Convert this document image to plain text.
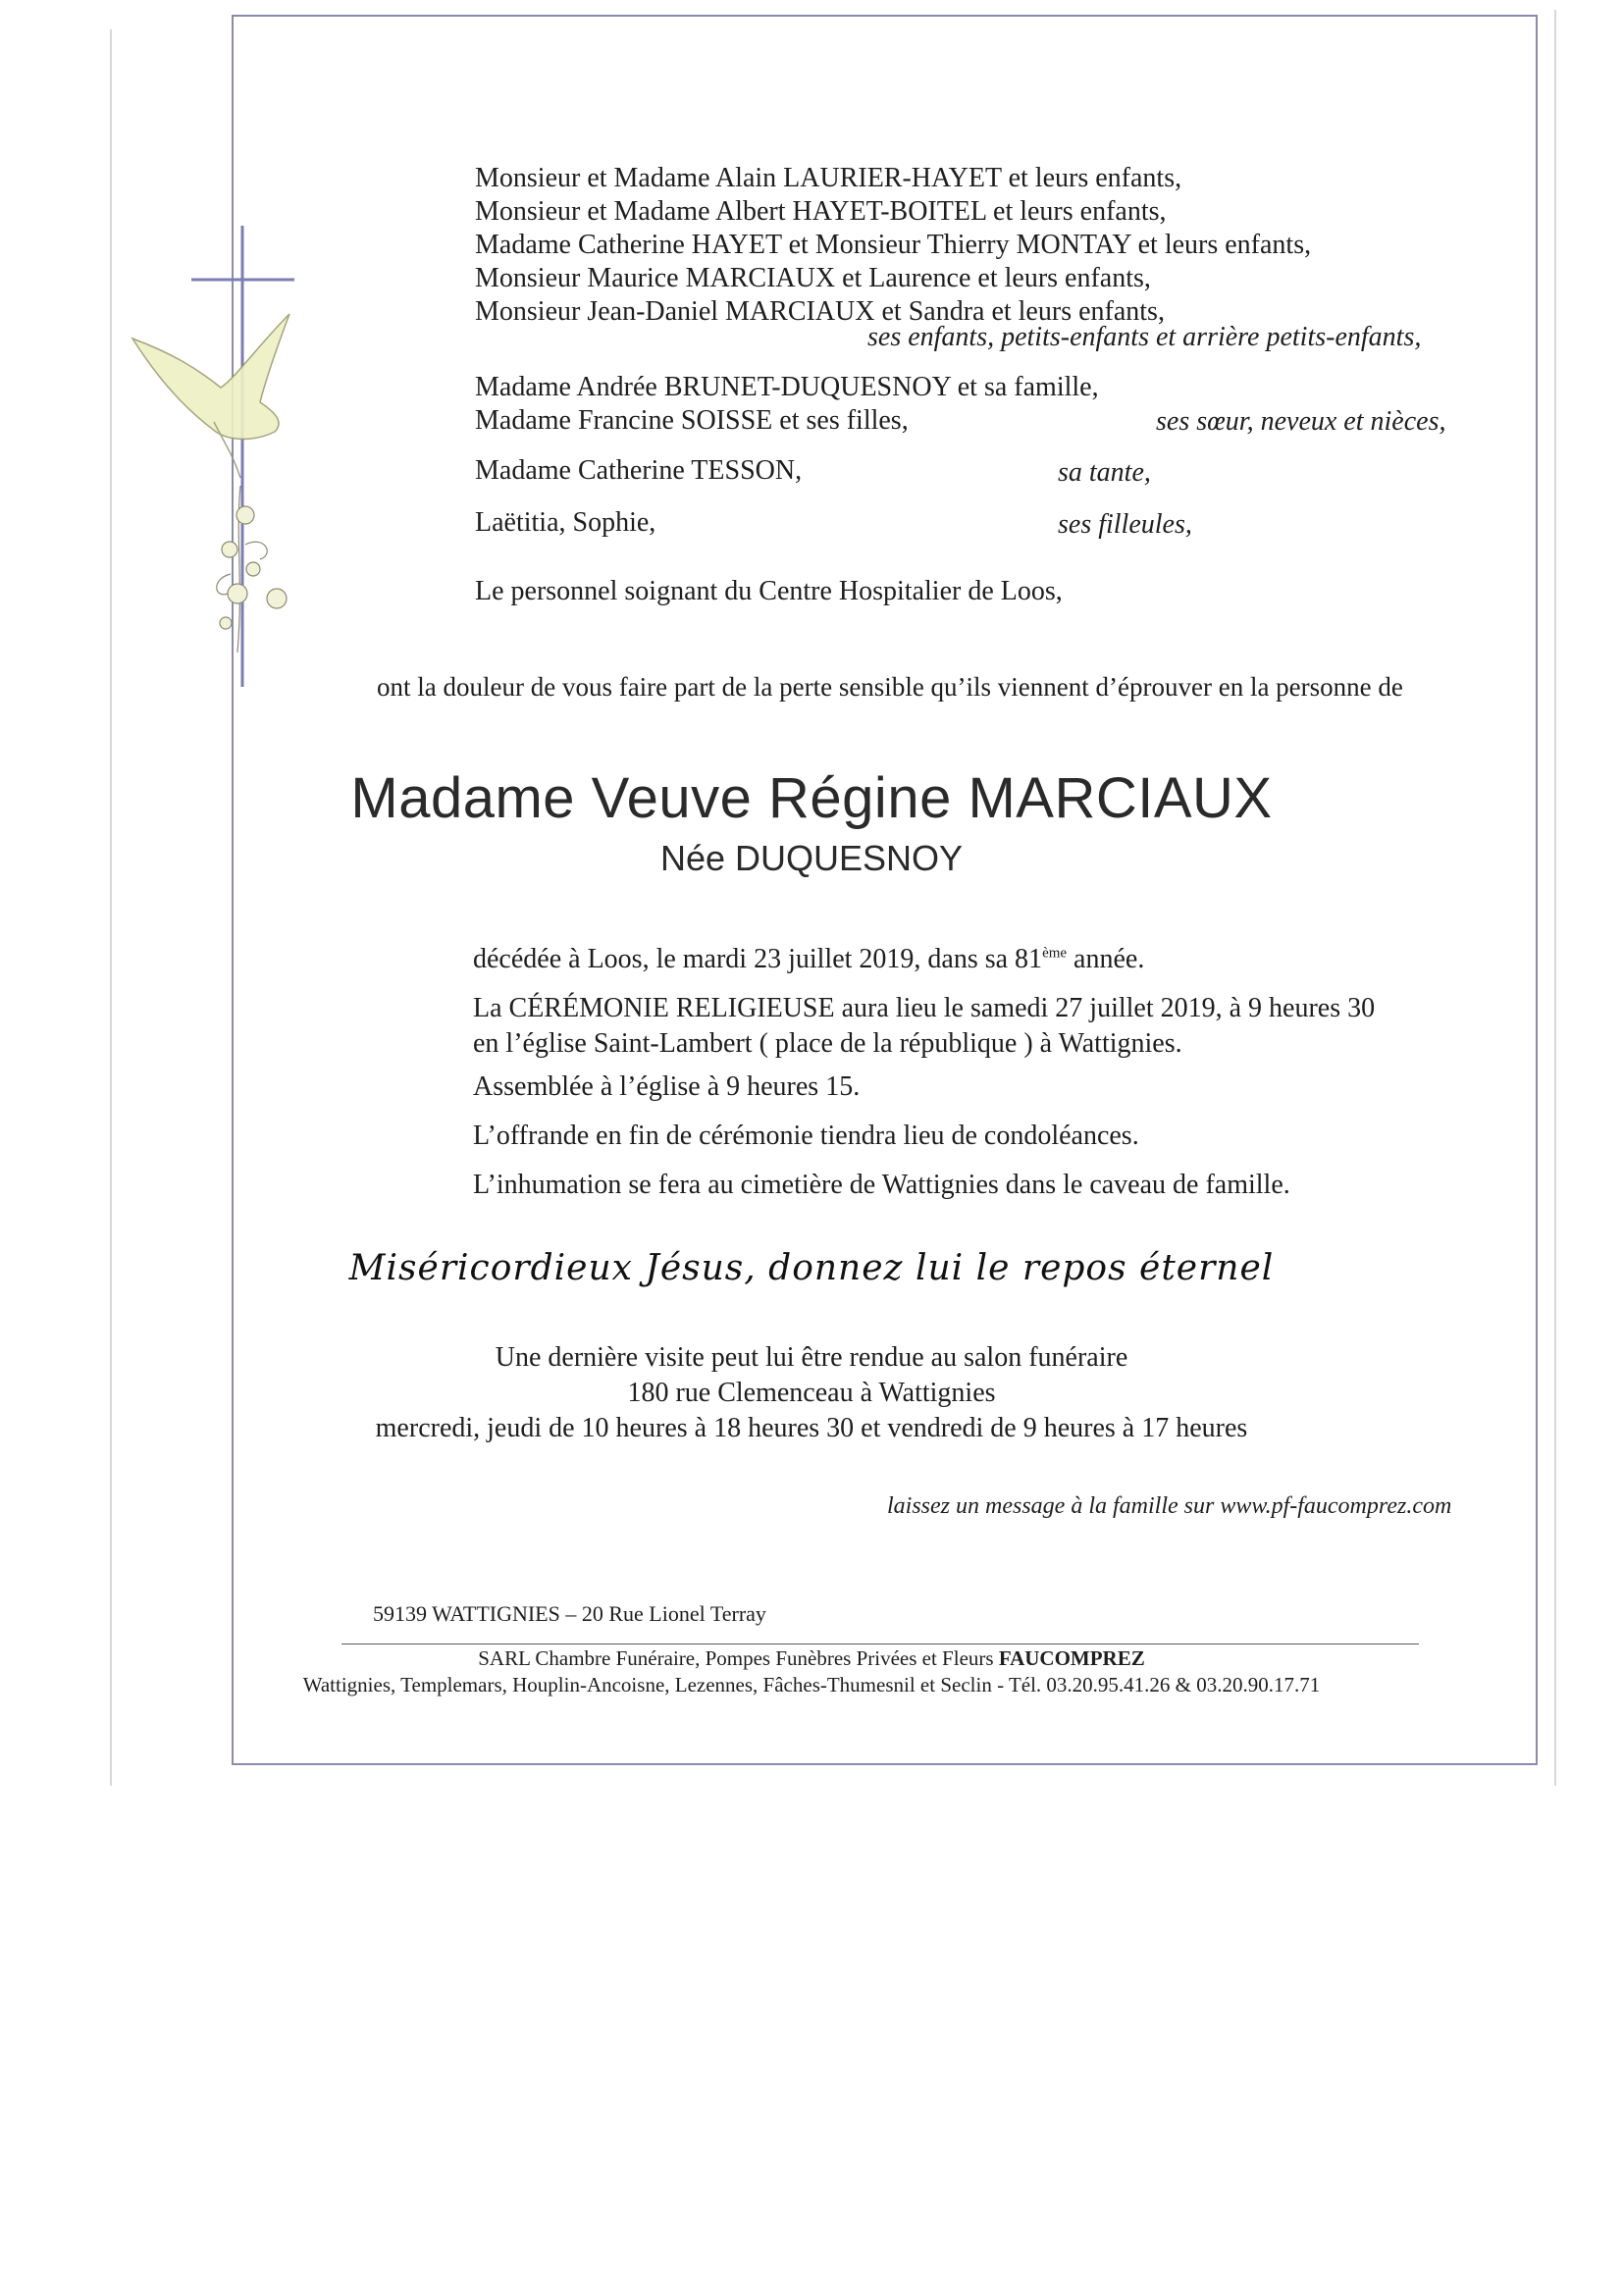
Monsieur et Madame Alain LAURIER-HAYET et leurs enfants,
Monsieur et Madame Albert HAYET-BOITEL et leurs enfants,
Madame Catherine HAYET et Monsieur Thierry MONTAY et leurs enfants,
Monsieur Maurice MARCIAUX et Laurence et leurs enfants,
Monsieur Jean-Daniel MARCIAUX et Sandra et leurs enfants,
ses enfants, petits-enfants et arrière petits-enfants,
Madame Andrée BRUNET-DUQUESNOY et sa famille,
Madame Francine SOISSE et ses filles,	ses sœur, neveux et nièces,
Madame Catherine TESSON,	sa tante,
Laëtitia, Sophie,	ses filleules,
Le personnel soignant du Centre Hospitalier de Loos,
ont la douleur de vous faire part de la perte sensible qu’ils viennent d’éprouver en la personne de
Madame Veuve Régine MARCIAUX
Née DUQUESNOY
décédée à Loos, le mardi 23 juillet 2019, dans sa 81ème année.
La CÉRÉMONIE RELIGIEUSE aura lieu le samedi 27 juillet 2019, à 9 heures 30
en l’église Saint-Lambert ( place de la république ) à Wattignies.
Assemblée à l’église à 9 heures 15.
L’offrande en fin de cérémonie tiendra lieu de condoléances.
L’inhumation se fera au cimetière de Wattignies dans le caveau de famille.
Miséricordieux Jésus, donnez lui le repos éternel
Une dernière visite peut lui être rendue au salon funéraire
180 rue Clemenceau à Wattignies
mercredi, jeudi de 10 heures à 18 heures 30 et vendredi de 9 heures à 17 heures
laissez un message à la famille sur www.pf-faucomprez.com
59139 WATTIGNIES – 20 Rue Lionel Terray
SARL Chambre Funéraire, Pompes Funèbres Privées et Fleurs FAUCOMPREZ
Wattignies, Templemars, Houplin-Ancoisne, Lezennes, Fâches-Thumesnil et Seclin - Tél. 03.20.95.41.26 & 03.20.90.17.71
